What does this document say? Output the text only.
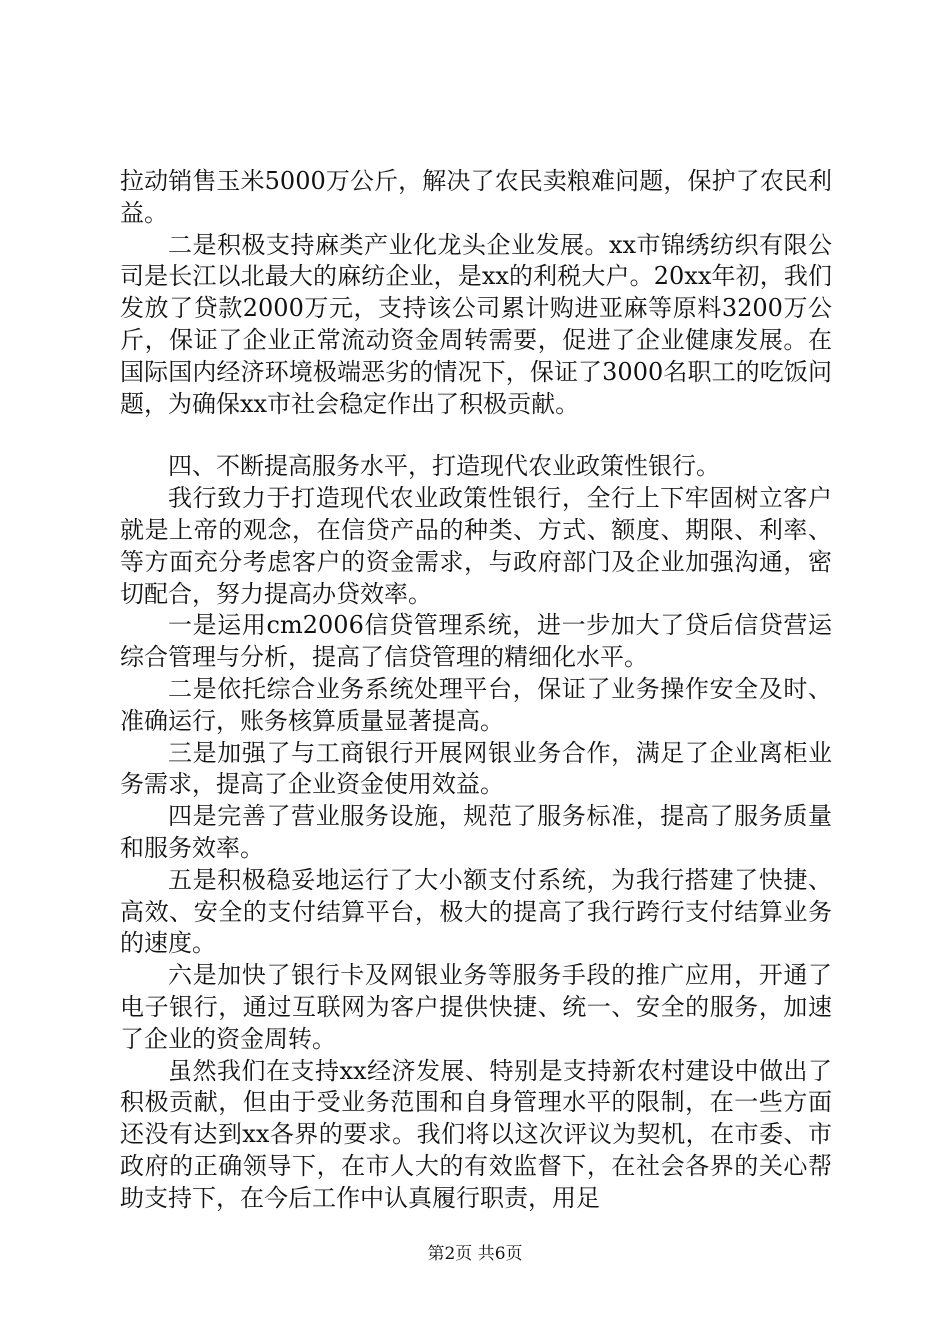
拉动销售玉米5000万公斤，解决了农民卖粮难问题，保护了农民利益。

二是积极支持麻类产业化龙头企业发展。xx市锦绣纺织有限公司是长江以北最大的麻纺企业，是xx的利税大户。20xx年初，我们发放了贷款2000万元，支持该公司累计购进亚麻等原料3200万公斤，保证了企业正常流动资金周转需要，促进了企业健康发展。在国际国内经济环境极端恶劣的情况下，保证了3000名职工的吃饭问题，为确保xx市社会稳定作出了积极贡献。

四、不断提高服务水平，打造现代农业政策性银行。

我行致力于打造现代农业政策性银行，全行上下牢固树立客户就是上帝的观念，在信贷产品的种类、方式、额度、期限、利率、等方面充分考虑客户的资金需求，与政府部门及企业加强沟通，密切配合，努力提高办贷效率。

一是运用cm2006信贷管理系统，进一步加大了贷后信贷营运综合管理与分析，提高了信贷管理的精细化水平。

二是依托综合业务系统处理平台，保证了业务操作安全及时、准确运行，账务核算质量显著提高。

三是加强了与工商银行开展网银业务合作，满足了企业离柜业务需求，提高了企业资金使用效益。

四是完善了营业服务设施，规范了服务标准，提高了服务质量和服务效率。

五是积极稳妥地运行了大小额支付系统，为我行搭建了快捷、高效、安全的支付结算平台，极大的提高了我行跨行支付结算业务的速度。

六是加快了银行卡及网银业务等服务手段的推广应用，开通了电子银行，通过互联网为客户提供快捷、统一、安全的服务，加速了企业的资金周转。

虽然我们在支持xx经济发展、特别是支持新农村建设中做出了积极贡献，但由于受业务范围和自身管理水平的限制，在一些方面还没有达到xx各界的要求。我们将以这次评议为契机，在市委、市政府的正确领导下，在市人大的有效监督下，在社会各界的关心帮助支持下，在今后工作中认真履行职责，用足

第2页 共6页
